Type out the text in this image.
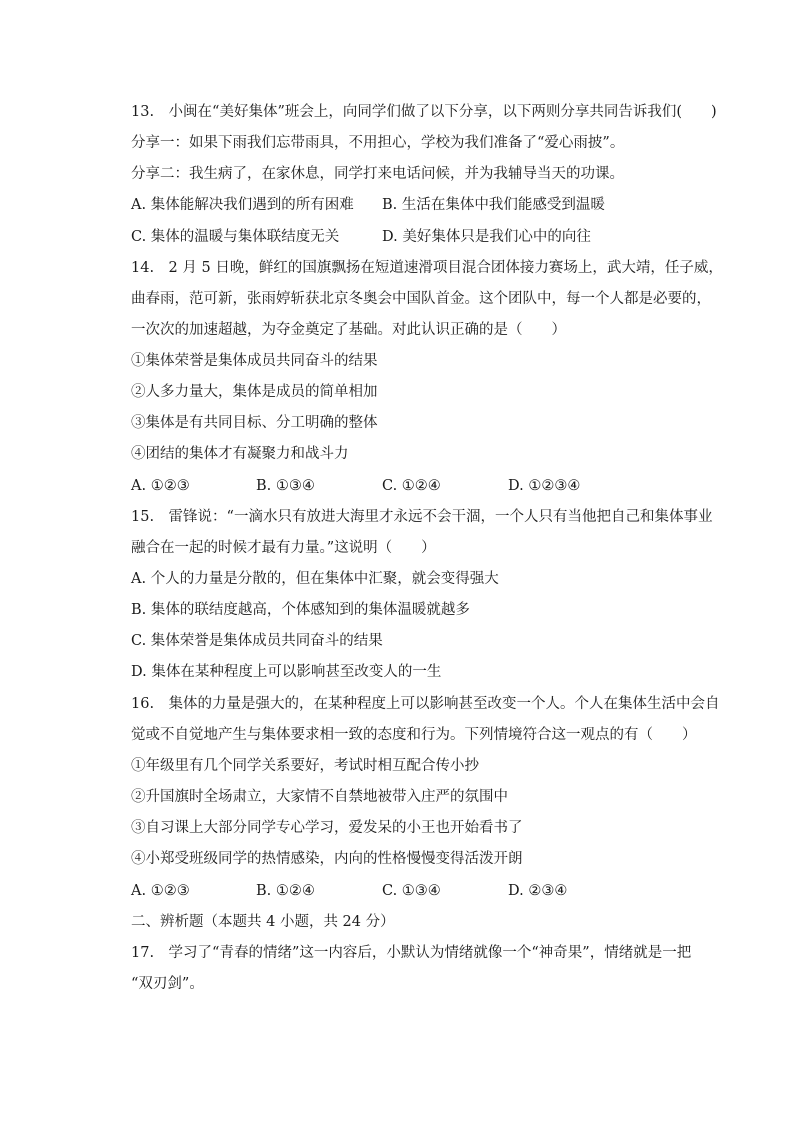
13.　小闽在“美好集体”班会上，向同学们做了以下分享，以下两则分享共同告诉我们(　　)
分享一：如果下雨我们忘带雨具，不用担心，学校为我们准备了“爱心雨披”。
分享二：我生病了，在家休息，同学打来电话问候，并为我辅导当天的功课。
A. 集体能解决我们遇到的所有困难 B. 生活在集体中我们能感受到温暖
C. 集体的温暖与集体联结度无关	D. 美好集体只是我们心中的向往
14.　2 月 5 日晚，鲜红的国旗飘扬在短道速滑项目混合团体接力赛场上，武大靖，任子威，
曲春雨，范可新，张雨婷斩获北京冬奥会中国队首金。这个团队中，每一个人都是必要的，
一次次的加速超越，为夺金奠定了基础。对此认识正确的是（　　）
①集体荣誉是集体成员共同奋斗的结果
②人多力量大，集体是成员的简单相加
③集体是有共同目标、分工明确的整体
④团结的集体才有凝聚力和战斗力
A. ①②③	B. ①③④	C. ①②④	D. ①②③④
15.　雷锋说：“一滴水只有放进大海里才永远不会干涸，一个人只有当他把自己和集体事业
融合在一起的时候才最有力量。”这说明（　　）
A. 个人的力量是分散的，但在集体中汇聚，就会变得强大
B. 集体的联结度越高，个体感知到的集体温暖就越多
C. 集体荣誉是集体成员共同奋斗的结果
D. 集体在某种程度上可以影响甚至改变人的一生
16.　集体的力量是强大的，在某种程度上可以影响甚至改变一个人。个人在集体生活中会自
觉或不自觉地产生与集体要求相一致的态度和行为。下列情境符合这一观点的有（　　）
①年级里有几个同学关系要好，考试时相互配合传小抄
②升国旗时全场肃立，大家情不自禁地被带入庄严的氛围中
③自习课上大部分同学专心学习，爱发呆的小王也开始看书了
④小郑受班级同学的热情感染，内向的性格慢慢变得活泼开朗
A. ①②③	B. ①②④	C. ①③④	D. ②③④
二、辨析题（本题共 4 小题，共 24 分）
17.　学习了“青春的情绪”这一内容后，小默认为情绪就像一个“神奇果”，情绪就是一把
“双刃剑”。
